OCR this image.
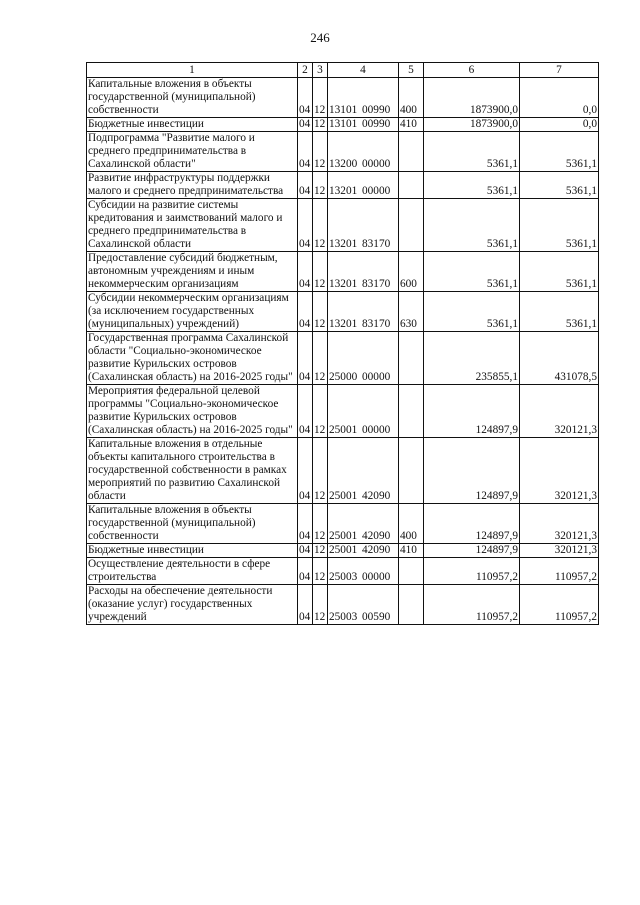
246
1	2	3	4	5	6	7
Капитальные вложения в объекты государственной (муниципальной) собственности	04	12	13101 00990	400	1873900,0	0,0
Бюджетные инвестиции	04	12	13101 00990	410	1873900,0	0,0
Подпрограмма "Развитие малого и среднего предпринимательства в Сахалинской области"	04	12	13200 00000		5361,1	5361,1
Развитие инфраструктуры поддержки малого и среднего предпринимательства	04	12	13201 00000		5361,1	5361,1
Субсидии на развитие системы кредитования и заимствований малого и среднего предпринимательства в Сахалинской области	04	12	13201 83170		5361,1	5361,1
Предоставление субсидий бюджетным, автономным учреждениям и иным некоммерческим организациям	04	12	13201 83170	600	5361,1	5361,1
Субсидии некоммерческим организациям (за исключением государственных (муниципальных) учреждений)	04	12	13201 83170	630	5361,1	5361,1
Государственная программа Сахалинской области "Социально-экономическое развитие Курильских островов (Сахалинская область) на 2016-2025 годы"	04	12	25000 00000		235855,1	431078,5
Мероприятия федеральной целевой программы "Социально-экономическое развитие Курильских островов (Сахалинская область) на 2016-2025 годы"	04	12	25001 00000		124897,9	320121,3
Капитальные вложения в отдельные объекты капитального строительства в государственной собственности в рамках мероприятий по развитию Сахалинской области	04	12	25001 42090		124897,9	320121,3
Капитальные вложения в объекты государственной (муниципальной) собственности	04	12	25001 42090	400	124897,9	320121,3
Бюджетные инвестиции	04	12	25001 42090	410	124897,9	320121,3
Осуществление деятельности в сфере строительства	04	12	25003 00000		110957,2	110957,2
Расходы на обеспечение деятельности (оказание услуг) государственных учреждений	04	12	25003 00590		110957,2	110957,2
